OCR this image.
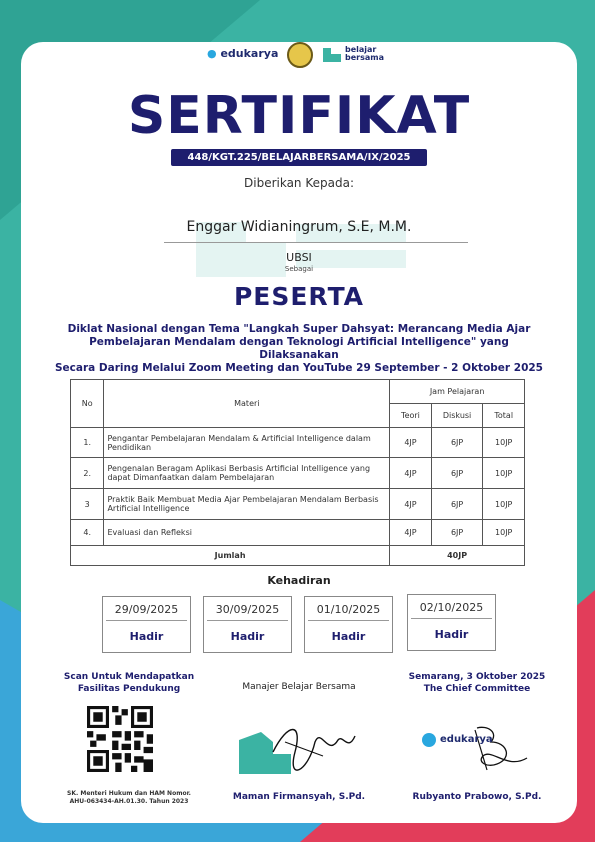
● edukarya	belajar
bersama
SERTIFIKAT
448/KGT.225/BELAJARBERSAMA/IX/2025
Diberikan Kepada:
Enggar Widianingrum, S.E, M.M.
UBSI
Sebagai
PESERTA
Diklat Nasional dengan Tema "Langkah Super Dahsyat: Merancang Media Ajar
Pembelajaran Mendalam dengan Teknologi Artificial Intelligence" yang Dilaksanakan
Secara Daring Melalui Zoom Meeting dan YouTube 29 September - 2 Oktober 2025
No	Materi	Jam Pelajaran		
		Teori	Diskusi	Total
1.	Pengantar Pembelajaran Mendalam & Artificial Intelligence dalam Pendidikan	4JP	6JP	10JP
2.	Pengenalan Beragam Aplikasi Berbasis Artificial Intelligence yang dapat Dimanfaatkan dalam Pembelajaran	4JP	6JP	10JP
3	Praktik Baik Membuat Media Ajar Pembelajaran Mendalam Berbasis Artificial Intelligence	4JP	6JP	10JP
4.	Evaluasi dan Refleksi	4JP	6JP	10JP
Jumlah		40JP		
Kehadiran
29/09/2025
Hadir
30/09/2025
Hadir
01/10/2025
Hadir
02/10/2025
Hadir
Scan Untuk Mendapatkan
Fasilitas Pendukung
SK. Menteri Hukum dan HAM Nomor.
AHU-063434-AH.01.30. Tahun 2023
Manajer Belajar Bersama
Maman Firmansyah, S.Pd.
Semarang, 3 Oktober 2025
The Chief Committee
edukarya
Rubyanto Prabowo, S.Pd.
